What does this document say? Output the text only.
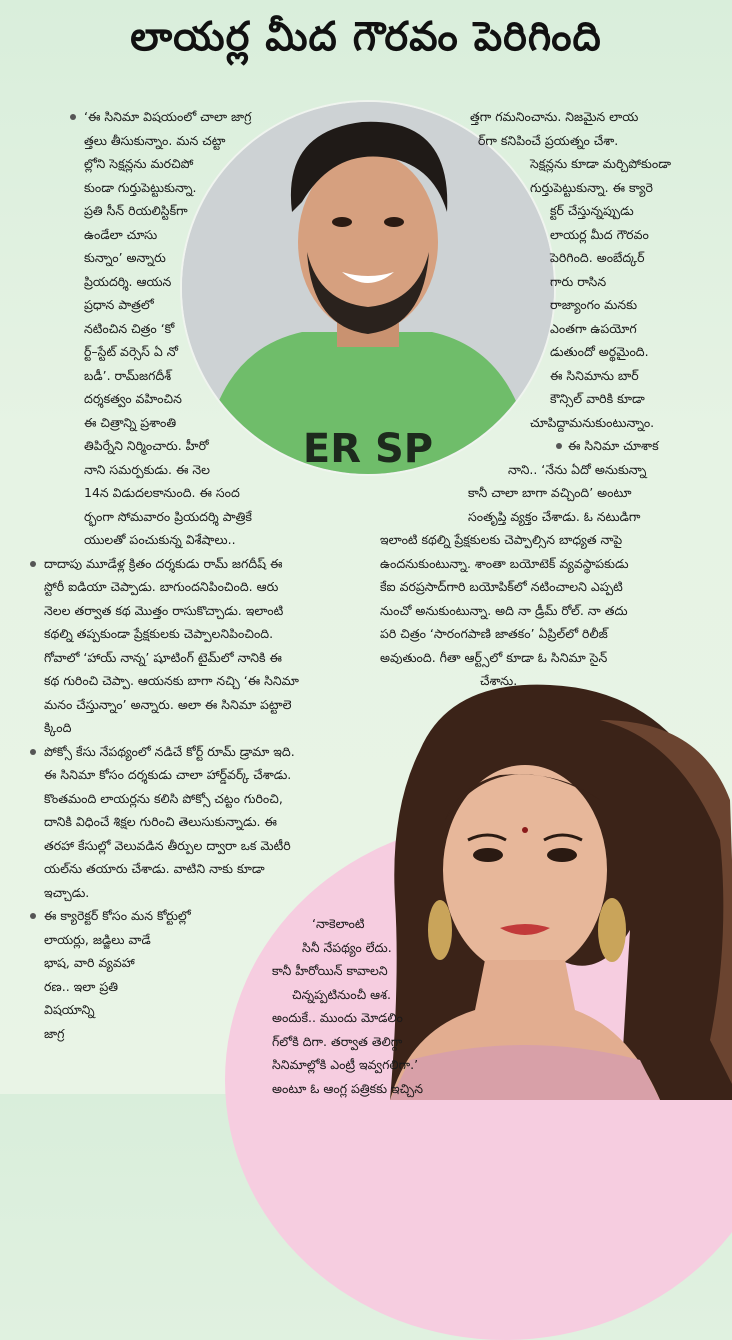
లాయర్ల మీద గౌరవం పెరిగింది
ER SP

‘ఈ సినిమా విషయంలో చాలా జాగ్ర

త్తలు తీసుకున్నాం. మన చట్టా

ల్లోని సెక్షన్లను మరచిపో

కుండా గుర్తుపెట్టుకున్నా.

ప్రతి సీన్ రియలిస్టిక్‌గా

ఉండేలా చూసు

కున్నాం’ అన్నారు

ప్రియదర్శి. ఆయన

ప్రధాన పాత్రలో

నటించిన చిత్రం ‘కో

ర్ట్‌–స్టేట్ వర్సెస్ ఏ నో

బడీ’. రామ్‌జగదీశ్

దర్శకత్వం వహించిన

ఈ చిత్రాన్ని ప్రశాంతి

తిపిర్నేని నిర్మించారు. హీరో

నాని సమర్పకుడు. ఈ నెల

14న విడుదలకానుంది. ఈ సంద

ర్భంగా సోమవారం ప్రియదర్శి పాత్రికే

యులతో పంచుకున్న విశేషాలు..

దాదాపు మూడేళ్ల క్రితం దర్శకుడు రామ్ జగదీష్ ఈ

స్టోరీ ఐడియా చెప్పాడు. బాగుందనిపించింది. ఆరు

నెలల తర్వాత కథ మొత్తం రాసుకొచ్చాడు. ఇలాంటి

కథల్ని తప్పకుండా ప్రేక్షకులకు చెప్పాలనిపించింది.

గోవాలో ‘హాయ్ నాన్న’ షూటింగ్ టైమ్‌లో నానికి ఈ

కథ గురించి చెప్పా. ఆయనకు బాగా నచ్చి ‘ఈ సినిమా

మనం చేస్తున్నాం’ అన్నారు. అలా ఈ సినిమా పట్టాలె

క్కింది

పోక్సో కేసు నేపథ్యంలో నడిచే కోర్ట్ రూమ్ డ్రామా ఇది.

ఈ సినిమా కోసం దర్శకుడు చాలా హార్డ్‌వర్క్ చేశాడు.

కొంతమంది లాయర్లను కలిసి పోక్సో చట్టం గురించి,

దానికి విధించే శిక్షల గురించి తెలుసుకున్నాడు. ఈ

తరహా కేసుల్లో వెలువడిన తీర్పుల ద్వారా ఒక మెటీరి

యల్‌ను తయారు చేశాడు. వాటిని నాకు కూడా

ఇచ్చాడు.

ఈ క్యారెక్టర్ కోసం మన కోర్టుల్లో

లాయర్లు, జడ్జిలు వాడే

భాష, వారి వ్యవహా

రణ.. ఇలా ప్రతి

విషయాన్ని

జాగ్ర

త్తగా గమనించాను. నిజమైన లాయ

ర్‌గా కనిపించే ప్రయత్నం చేశా.

సెక్షన్లను కూడా మర్చిపోకుండా

గుర్తుపెట్టుకున్నా. ఈ క్యారె

క్టర్ చేస్తున్నప్పుడు

లాయర్ల మీద గౌరవం

పెరిగింది. అంబేద్కర్

గారు రాసిన

రాజ్యాంగం మనకు

ఎంతగా ఉపయోగ

డుతుందో అర్థమైంది.

ఈ సినిమాను బార్

కౌన్సిల్ వారికి కూడా

చూపిద్దామనుకుంటున్నాం.

ఈ సినిమా చూశాక

నాని.. ‘నేను ఏదో అనుకున్నా

కానీ చాలా బాగా వచ్చింది’ అంటూ

సంతృప్తి వ్యక్తం చేశాడు. ఓ నటుడిగా

ఇలాంటి కథల్ని ప్రేక్షకులకు చెప్పాల్సిన బాధ్యత నాపై

ఉందనుకుంటున్నా. శాంతా బయోటెక్ వ్యవస్థాపకుడు

కేఐ వరప్రసాద్‌గారి బయోపిక్‌లో నటించాలని ఎప్పటి

నుంచో అనుకుంటున్నా. అది నా డ్రీమ్ రోల్. నా తదు

పరి చిత్రం ‘సారంగపాణి జాతకం’ ఏప్రిల్‌లో రిలీజ్

అవుతుంది. గీతా ఆర్ట్స్‌లో కూడా ఓ సినిమా సైన్

చేశాను.

‘నాకెలాంటి

సినీ నేపథ్యం లేదు.

కానీ హీరోయిన్ కావాలని

చిన్నప్పటినుంచీ ఆశ.

అందుకే.. ముందు మోడలిం

గ్‌లోకి దిగా. తర్వాత తెలిగ్గా

సినిమాల్లోకి ఎంట్రీ ఇవ్వగలిగా.’

అంటూ ఓ ఆంగ్ల పత్రికకు ఇచ్చిన
